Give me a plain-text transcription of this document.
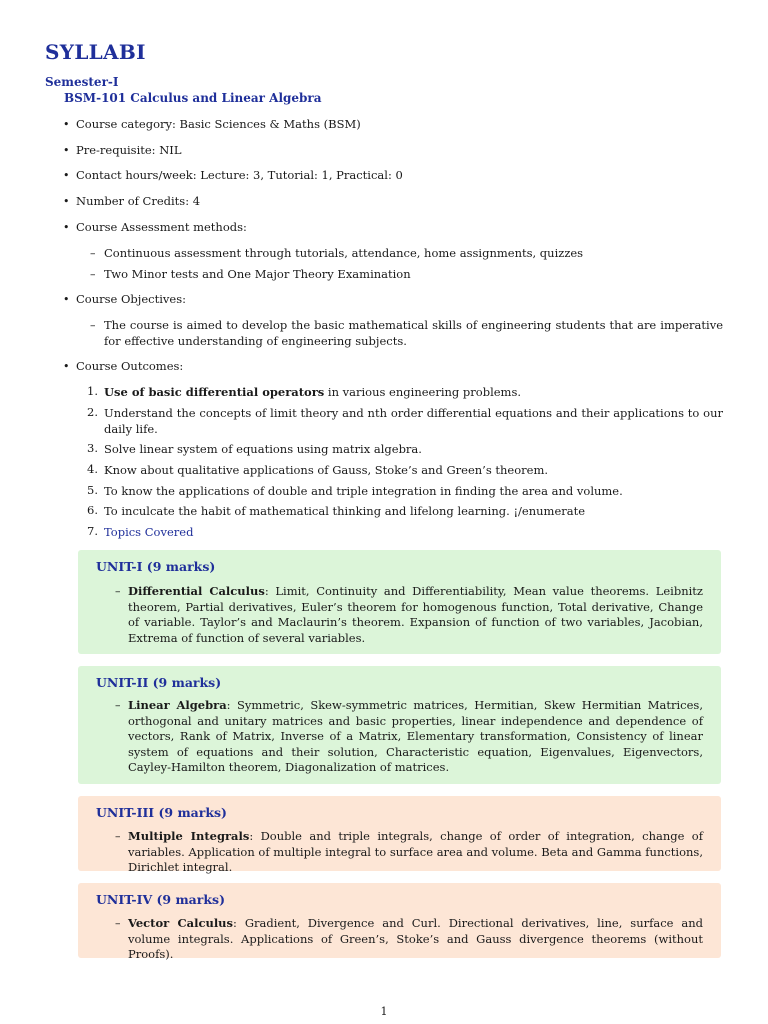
SYLLABI
Semester-I
BSM-101 Calculus and Linear Algebra
• Course category: Basic Sciences & Maths (BSM)
• Pre-requisite: NIL
• Contact hours/week: Lecture: 3, Tutorial: 1, Practical: 0
• Number of Credits: 4
• Course Assessment methods:
– Continuous assessment through tutorials, attendance, home assignments, quizzes
– Two Minor tests and One Major Theory Examination
• Course Objectives:
– The course is aimed to develop the basic mathematical skills of engineering students that are imperative for effective understanding of engineering subjects.
• Course Outcomes:
1. Use of basic differential operators in various engineering problems.
2. Understand the concepts of limit theory and nth order differential equations and their applications to our daily life.
3. Solve linear system of equations using matrix algebra.
4. Know about qualitative applications of Gauss, Stoke’s and Green’s theorem.
5. To know the applications of double and triple integration in finding the area and volume.
6. To inculcate the habit of mathematical thinking and lifelong learning. ¡/enumerate
7. Topics Covered
UNIT-I (9 marks)
– Differential Calculus: Limit, Continuity and Differentiability, Mean value theorems. Leibnitz theorem, Partial derivatives, Euler’s theorem for homogenous function, Total derivative, Change of variable. Taylor’s and Maclaurin’s theorem. Expansion of function of two variables, Jacobian, Extrema of function of several variables.
UNIT-II (9 marks)
– Linear Algebra: Symmetric, Skew-symmetric matrices, Hermitian, Skew Hermitian Matrices, orthogonal and unitary matrices and basic properties, linear independence and dependence of vectors, Rank of Matrix, Inverse of a Matrix, Elementary transformation, Consistency of linear system of equations and their solution, Characteristic equation, Eigenvalues, Eigenvectors, Cayley-Hamilton theorem, Diagonalization of matrices.
UNIT-III (9 marks)
– Multiple Integrals: Double and triple integrals, change of order of integration, change of variables. Application of multiple integral to surface area and volume. Beta and Gamma functions, Dirichlet integral.
UNIT-IV (9 marks)
– Vector Calculus: Gradient, Divergence and Curl. Directional derivatives, line, surface and volume integrals. Applications of Green’s, Stoke’s and Gauss divergence theorems (without Proofs).
1
